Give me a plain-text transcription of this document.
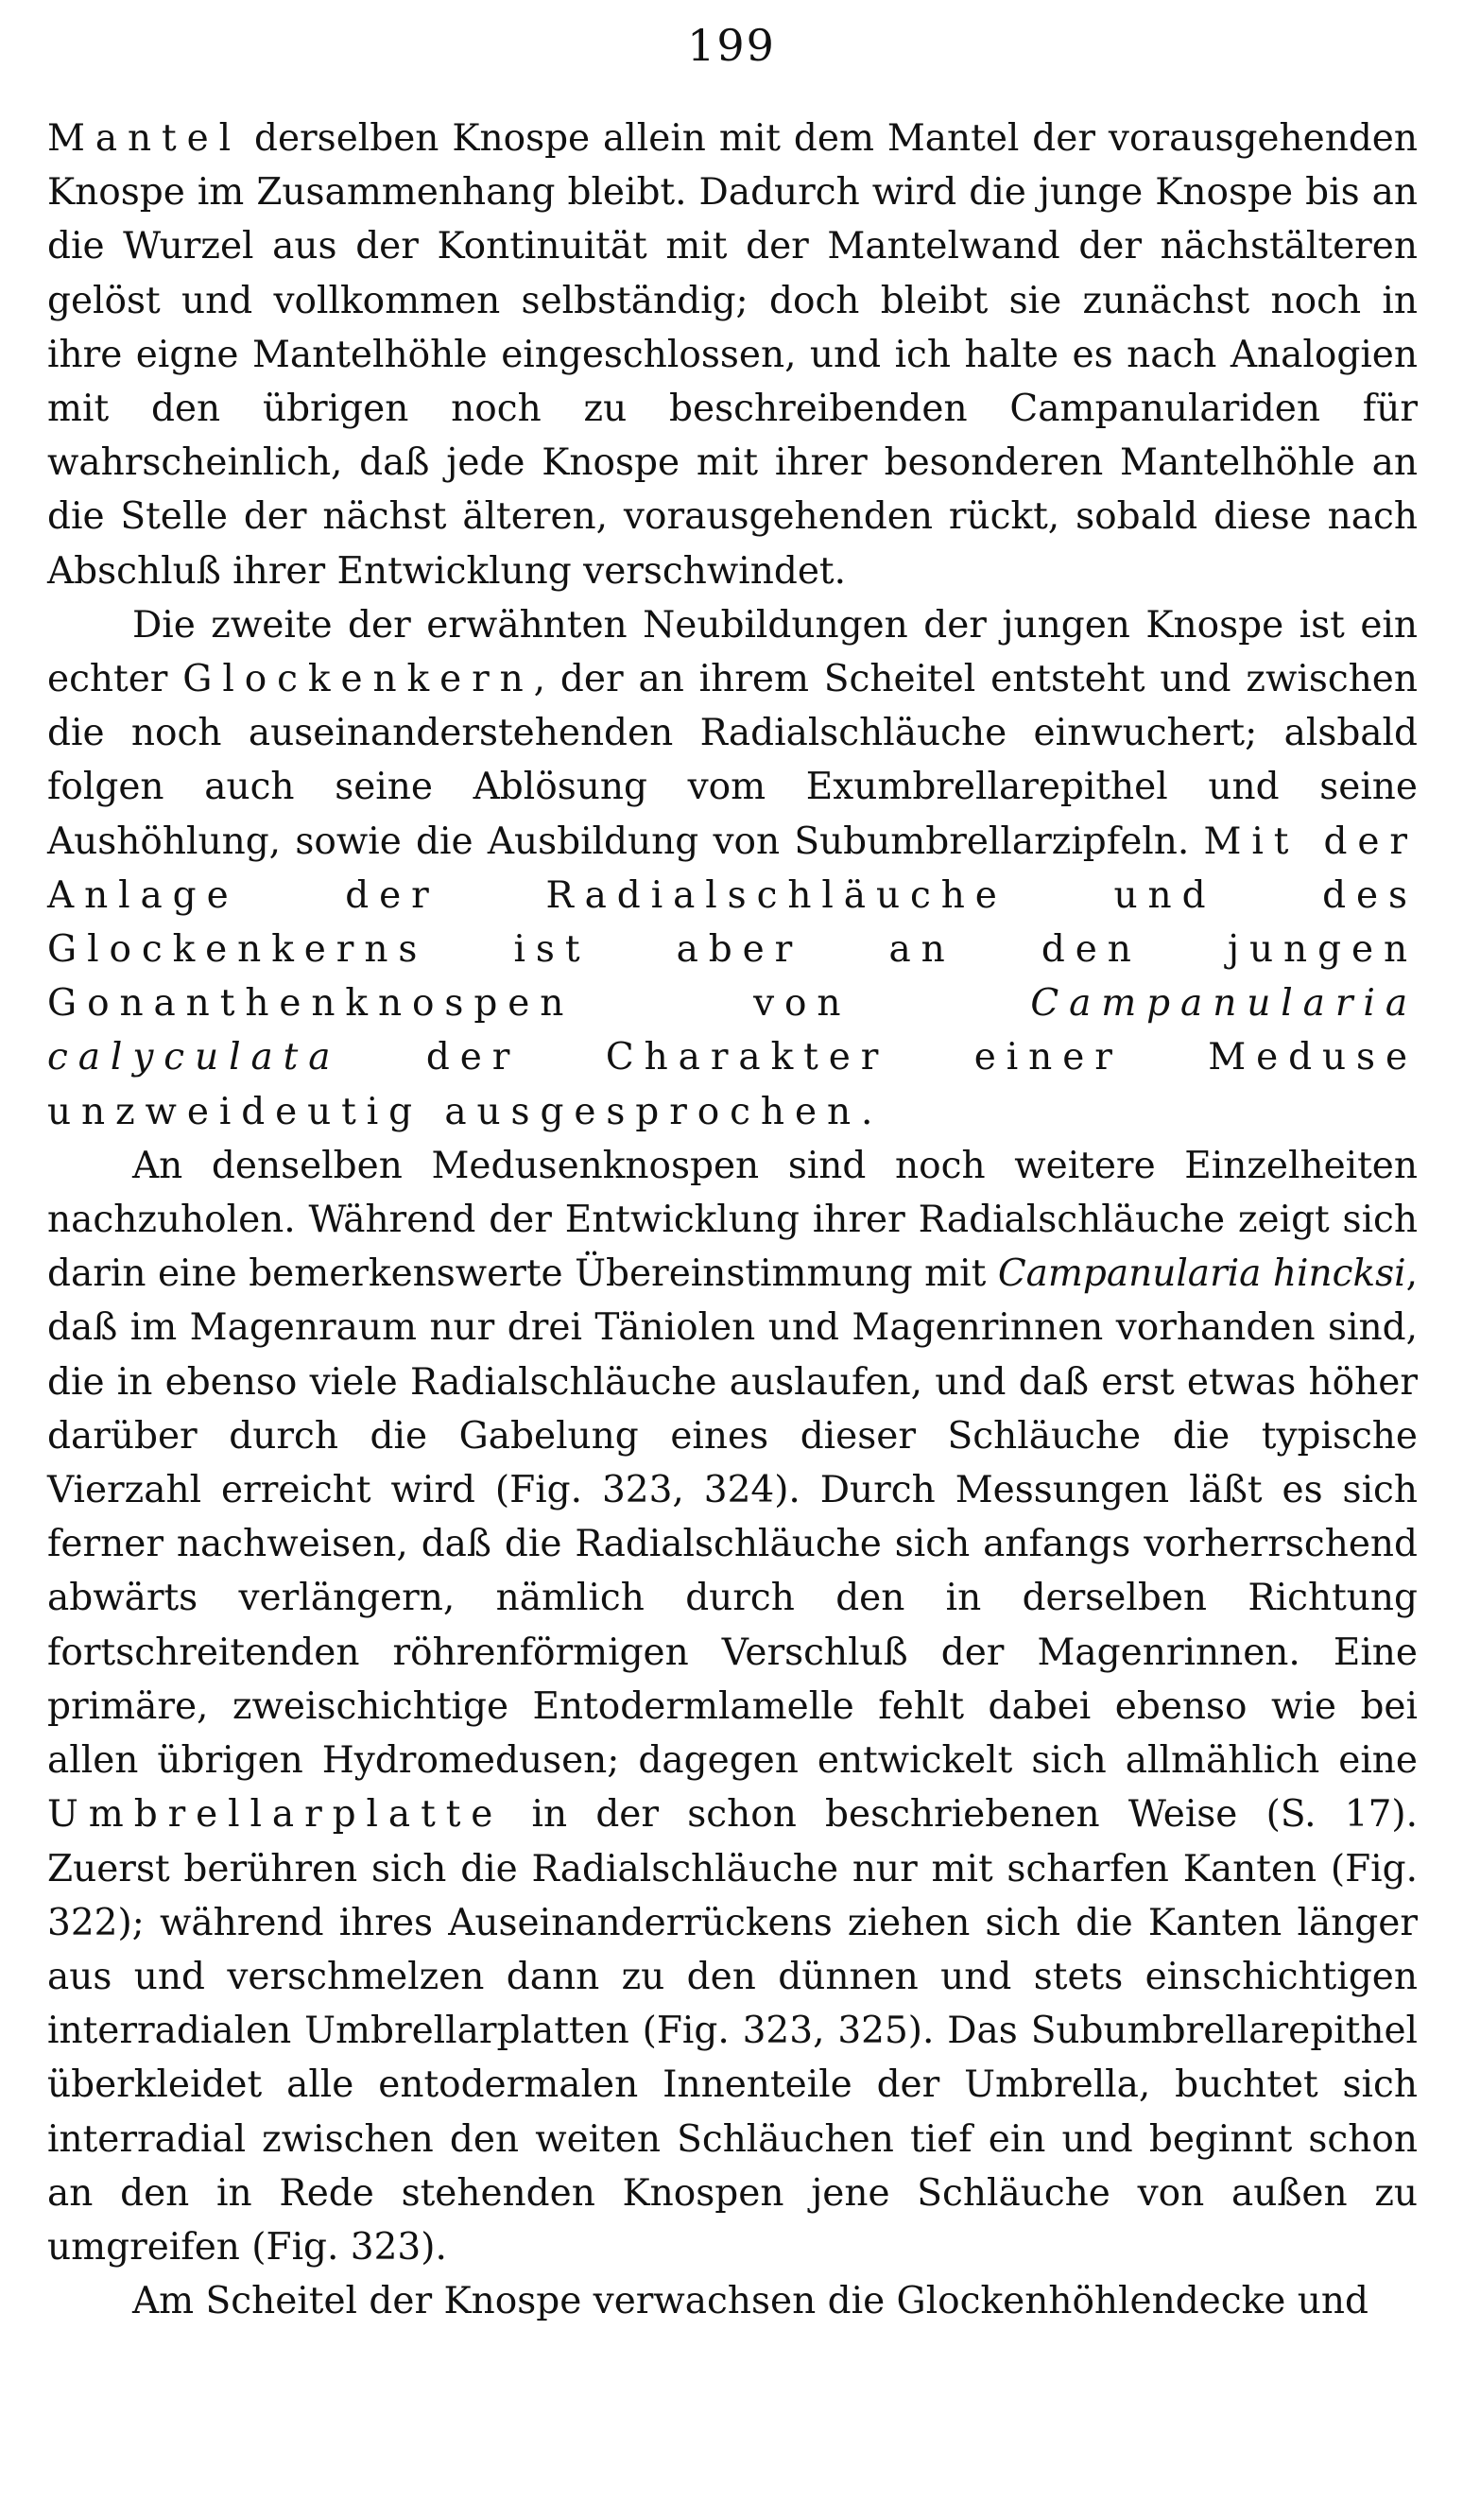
199

Mantel derselben Knospe allein mit dem Mantel der vorausgehenden Knospe im Zusammenhang bleibt. Dadurch wird die junge Knospe bis an die Wurzel aus der Kontinuität mit der Mantelwand der nächstälteren gelöst und vollkommen selbständig; doch bleibt sie zunächst noch in ihre eigne Mantelhöhle eingeschlossen, und ich halte es nach Analogien mit den übrigen noch zu beschreibenden Campanulariden für wahrscheinlich, daß jede Knospe mit ihrer besonderen Mantelhöhle an die Stelle der nächst älteren, vorausgehenden rückt, sobald diese nach Abschluß ihrer Entwicklung verschwindet.

Die zweite der erwähnten Neubildungen der jungen Knospe ist ein echter Glockenkern, der an ihrem Scheitel entsteht und zwischen die noch auseinanderstehenden Radialschläuche einwuchert; alsbald folgen auch seine Ablösung vom Exumbrellarepithel und seine Aushöhlung, sowie die Ausbildung von Subumbrellarzipfeln. Mit der Anlage der Radialschläuche und des Glockenkerns ist aber an den jungen Gonanthenknospen von Campanularia calyculata der Charakter einer Meduse unzweideutig ausgesprochen.

An denselben Medusenknospen sind noch weitere Einzelheiten nachzuholen. Während der Entwicklung ihrer Radialschläuche zeigt sich darin eine bemerkenswerte Übereinstimmung mit Campanularia hincksi, daß im Magenraum nur drei Täniolen und Magenrinnen vorhanden sind, die in ebenso viele Radialschläuche auslaufen, und daß erst etwas höher darüber durch die Gabelung eines dieser Schläuche die typische Vierzahl erreicht wird (Fig. 323, 324). Durch Messungen läßt es sich ferner nachweisen, daß die Radialschläuche sich anfangs vorherrschend abwärts verlängern, nämlich durch den in derselben Richtung fortschreitenden röhrenförmigen Verschluß der Magenrinnen. Eine primäre, zweischichtige Entodermlamelle fehlt dabei ebenso wie bei allen übrigen Hydromedusen; dagegen entwickelt sich allmählich eine Umbrellarplatte in der schon beschriebenen Weise (S. 17). Zuerst berühren sich die Radialschläuche nur mit scharfen Kanten (Fig. 322); während ihres Auseinanderrückens ziehen sich die Kanten länger aus und verschmelzen dann zu den dünnen und stets einschichtigen interradialen Umbrellarplatten (Fig. 323, 325). Das Subumbrellarepithel überkleidet alle entodermalen Innenteile der Umbrella, buchtet sich interradial zwischen den weiten Schläuchen tief ein und beginnt schon an den in Rede stehenden Knospen jene Schläuche von außen zu umgreifen (Fig. 323).

Am Scheitel der Knospe verwachsen die Glockenhöhlendecke und
